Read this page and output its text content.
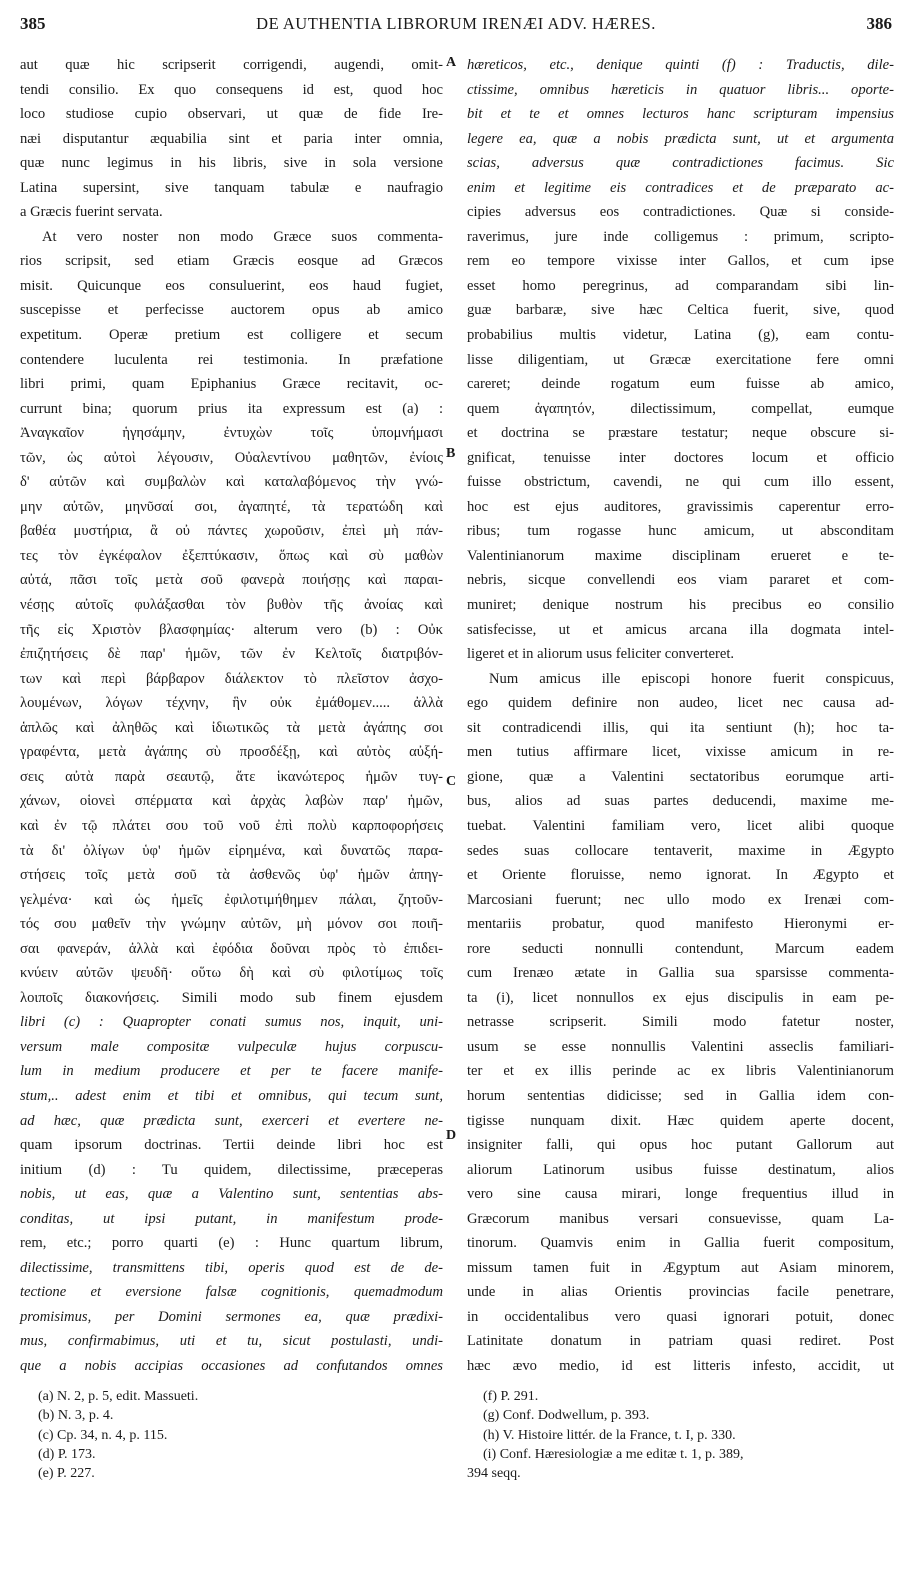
385	DE AUTHENTIA LIBRORUM IRENÆI ADV. HÆRES.	386

aut quæ hic scripserit corrigendi, augendi, omit-

tendi consilio. Ex quo consequens id est, quod hoc

loco studiose cupio observari, ut quæ de fide Ire-

næi disputantur æquabilia sint et paria inter omnia,

quæ nunc legimus in his libris, sive in sola versione

Latina supersint, sive tanquam tabulæ e naufragio

a Græcis fuerint servata.

At vero noster non modo Græce suos commenta-

rios scripsit, sed etiam Græcis eosque ad Græcos

misit. Quicunque eos consuluerint, eos haud fugiet,

suscepisse et perfecisse auctorem opus ab amico

expetitum. Operæ pretium est colligere et secum

contendere luculenta rei testimonia. In præfatione

libri primi, quam Epiphanius Græce recitavit, oc-

currunt bina; quorum prius ita expressum est (a) :

Ἀναγκαῖον ἡγησάμην, ἐντυχὼν τοῖς ὑπομνήμασι

τῶν, ὡς αὐτοὶ λέγουσιν, Οὐαλεντίνου μαθητῶν, ἐνίοις

δ' αὐτῶν καὶ συμβαλὼν καὶ καταλαβόμενος τὴν γνώ-

μην αὐτῶν, μηνῦσαί σοι, ἀγαπητέ, τὰ τερατώδη καὶ

βαθέα μυστήρια, ἃ οὐ πάντες χωροῦσιν, ἐπεὶ μὴ πάν-

τες τὸν ἐγκέφαλον ἐξεπτύκασιν, ὅπως καὶ σὺ μαθὼν

αὐτά, πᾶσι τοῖς μετὰ σοῦ φανερὰ ποιήσῃς καὶ παραι-

νέσῃς αὐτοῖς φυλάξασθαι τὸν βυθὸν τῆς ἀνοίας καὶ

τῆς εἰς Χριστὸν βλασφημίας· alterum vero (b) : Οὐκ

ἐπιζητήσεις δὲ παρ' ἡμῶν, τῶν ἐν Κελτοῖς διατριβόν-

των καὶ περὶ βάρβαρον διάλεκτον τὸ πλεῖστον ἀσχο-

λουμένων, λόγων τέχνην, ἣν οὐκ ἐμάθομεν..... ἀλλὰ

ἁπλῶς καὶ ἀληθῶς καὶ ἰδιωτικῶς τὰ μετὰ ἀγάπης σοι

γραφέντα, μετὰ ἀγάπης σὺ προσδέξῃ, καὶ αὐτὸς αὐξή-

σεις αὐτὰ παρὰ σεαυτῷ, ἅτε ἱκανώτερος ἡμῶν τυγ-

χάνων, οἱονεὶ σπέρματα καὶ ἀρχὰς λαβὼν παρ' ἡμῶν,

καὶ ἐν τῷ πλάτει σου τοῦ νοῦ ἐπὶ πολὺ καρποφορήσεις

τὰ δι' ὀλίγων ὑφ' ἡμῶν εἰρημένα, καὶ δυνατῶς παρα-

στήσεις τοῖς μετὰ σοῦ τὰ ἀσθενῶς ὑφ' ἡμῶν ἀπηγ-

γελμένα· καὶ ὡς ἡμεῖς ἐφιλοτιμήθημεν πάλαι, ζητοῦν-

τός σου μαθεῖν τὴν γνώμην αὐτῶν, μὴ μόνον σοι ποιῆ-

σαι φανεράν, ἀλλὰ καὶ ἐφόδια δοῦναι πρὸς τὸ ἐπιδει-

κνύειν αὐτῶν ψευδῆ· οὕτω δὴ καὶ σὺ φιλοτίμως τοῖς

λοιποῖς διακονήσεις. Simili modo sub finem ejusdem

libri (c) : Quapropter conati sumus nos, inquit, uni-

versum male compositæ vulpeculæ hujus corpuscu-

lum in medium producere et per te facere manife-

stum,.. adest enim et tibi et omnibus, qui tecum sunt,

ad hæc, quæ prædicta sunt, exerceri et evertere ne-

quam ipsorum doctrinas. Tertii deinde libri hoc est

initium (d) : Tu quidem, dilectissime, præceperas

nobis, ut eas, quæ a Valentino sunt, sententias abs-

conditas, ut ipsi putant, in manifestum prode-

rem, etc.; porro quarti (e) : Hunc quartum librum,

dilectissime, transmittens tibi, operis quod est de de-

tectione et eversione falsæ cognitionis, quemadmodum

promisimus, per Domini sermones ea, quæ prædixi-

mus, confirmabimus, uti et tu, sicut postulasti, undi-

que a nobis accipias occasiones ad confutandos omnes

A
B
C
D

hæreticos, etc., denique quinti (f) : Traductis, dile-

ctissime, omnibus hæreticis in quatuor libris... oporte-

bit et te et omnes lecturos hanc scripturam impensius

legere ea, quæ a nobis prædicta sunt, ut et argumenta

scias, adversus quæ contradictiones facimus. Sic

enim et legitime eis contradices et de præparato ac-

cipies adversus eos contradictiones. Quæ si conside-

raverimus, jure inde colligemus : primum, scripto-

rem eo tempore vixisse inter Gallos, et cum ipse

esset homo peregrinus, ad comparandam sibi lin-

guæ barbaræ, sive hæc Celtica fuerit, sive, quod

probabilius multis videtur, Latina (g), eam contu-

lisse diligentiam, ut Græcæ exercitatione fere omni

careret; deinde rogatum eum fuisse ab amico,

quem ἀγαπητόν, dilectissimum, compellat, eumque

et doctrina se præstare testatur; neque obscure si-

gnificat, tenuisse inter doctores locum et officio

fuisse obstrictum, cavendi, ne qui cum illo essent,

hoc est ejus auditores, gravissimis caperentur erro-

ribus; tum rogasse hunc amicum, ut absconditam

Valentinianorum maxime disciplinam erueret e te-

nebris, sicque convellendi eos viam pararet et com-

muniret; denique nostrum his precibus eo consilio

satisfecisse, ut et amicus arcana illa dogmata intel-

ligeret et in aliorum usus feliciter converteret.

Num amicus ille episcopi honore fuerit conspicuus,

ego quidem definire non audeo, licet nec causa ad-

sit contradicendi illis, qui ita sentiunt (h); hoc ta-

men tutius affirmare licet, vixisse amicum in re-

gione, quæ a Valentini sectatoribus eorumque arti-

bus, alios ad suas partes deducendi, maxime me-

tuebat. Valentini familiam vero, licet alibi quoque

sedes suas collocare tentaverit, maxime in Ægypto

et Oriente floruisse, nemo ignorat. In Ægypto et

Marcosiani fuerunt; nec ullo modo ex Irenæi com-

mentariis probatur, quod manifesto Hieronymi er-

rore seducti nonnulli contendunt, Marcum eadem

cum Irenæo ætate in Gallia sua sparsisse commenta-

ta (i), licet nonnullos ex ejus discipulis in eam pe-

netrasse scripserit. Simili modo fatetur noster,

usum se esse nonnullis Valentini asseclis familiari-

ter et ex illis perinde ac ex libris Valentinianorum

horum sententias didicisse; sed in Gallia idem con-

tigisse nunquam dixit. Hæc quidem aperte docent,

insigniter falli, qui opus hoc putant Gallorum aut

aliorum Latinorum usibus fuisse destinatum, alios

vero sine causa mirari, longe frequentius illud in

Græcorum manibus versari consuevisse, quam La-

tinorum. Quamvis enim in Gallia fuerit compositum,

missum tamen fuit in Ægyptum aut Asiam minorem,

unde in alias Orientis provincias facile penetrare,

in occidentalibus vero quasi ignorari potuit, donec

Latinitate donatum in patriam quasi rediret. Post

hæc ævo medio, id est litteris infesto, accidit, ut

(a) N. 2, p. 5, edit. Massueti.
(b) N. 3, p. 4.
(c) Cp. 34, n. 4, p. 115.
(d) P. 173.
(e) P. 227.
(f) P. 291.
(g) Conf. Dodwellum, p. 393.
(h) V. Histoire littér. de la France, t. I, p. 330.
(i) Conf. Hæresiologiæ a me editæ t. 1, p. 389,
394 seqq.
